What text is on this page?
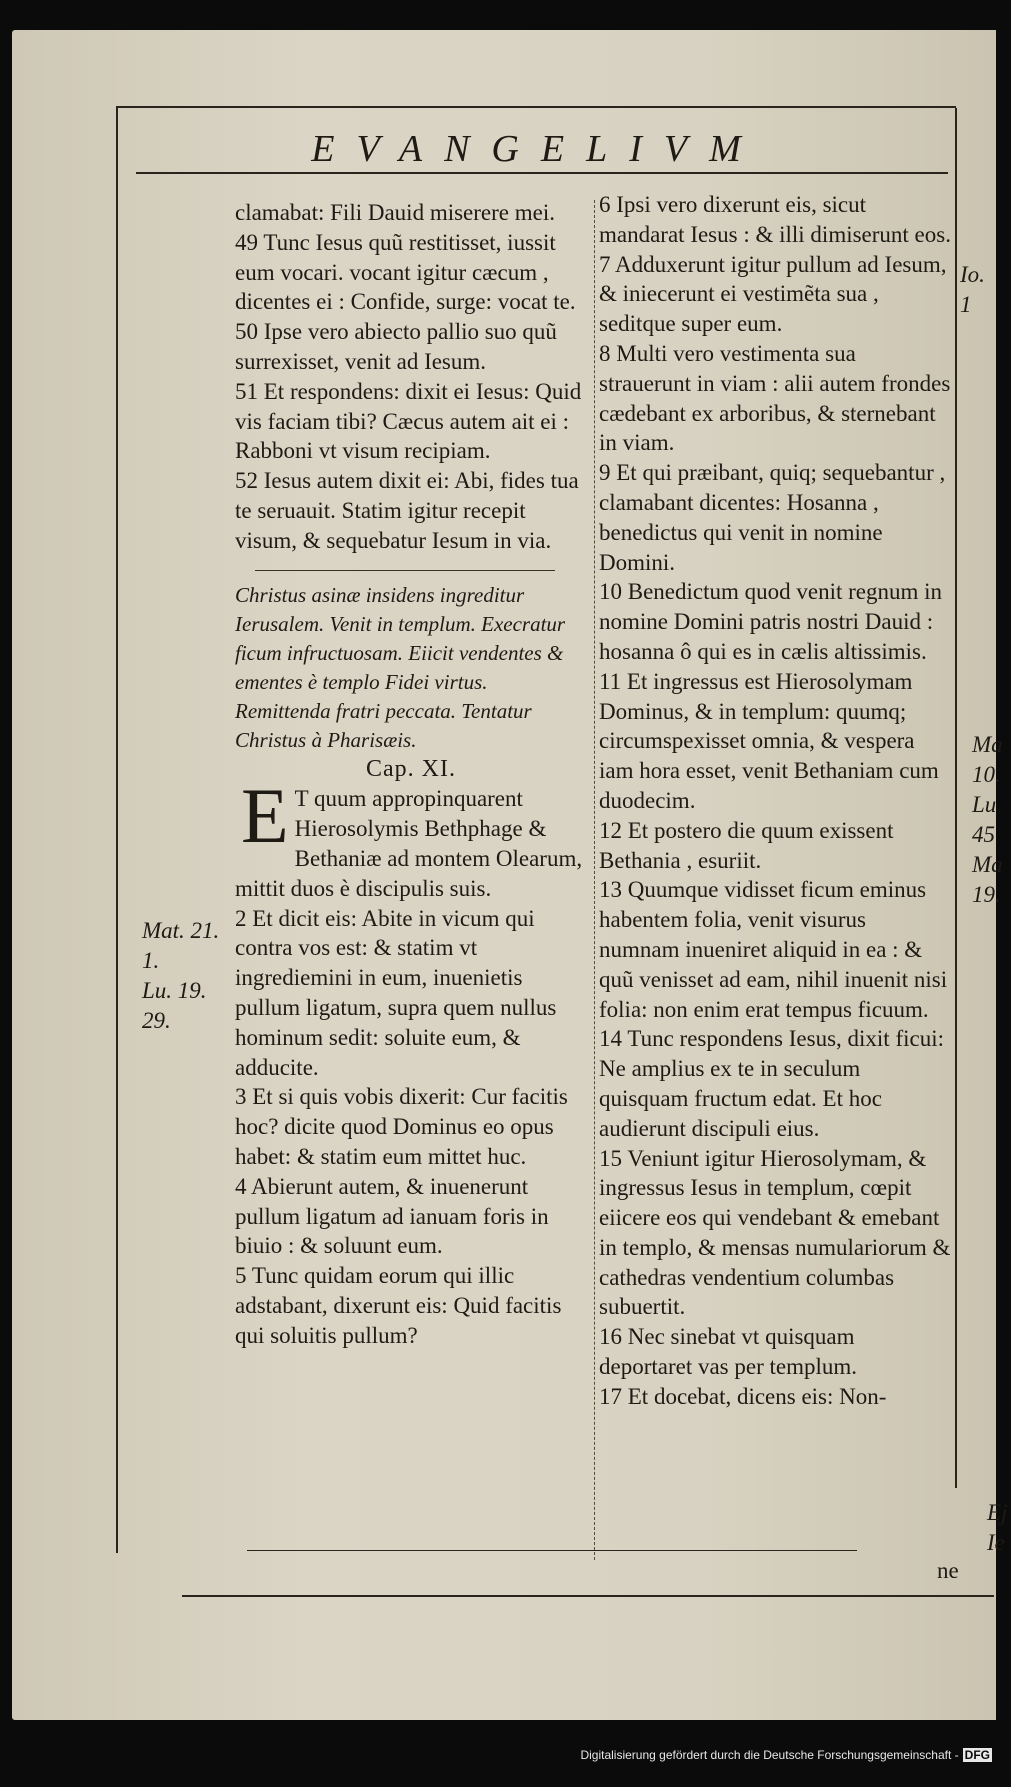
EVANGELIVM

clamabat: Fili Dauid miserere mei.

49 Tunc Iesus quũ restitisset, iussit eum vocari. vocant igitur cæcum , dicentes ei : Confide, surge: vocat te.

50 Ipse vero abiecto pallio suo quũ surrexisset, venit ad Iesum.

51 Et respondens: dixit ei Iesus: Quid vis faciam tibi? Cæcus autem ait ei : Rabboni vt visum recipiam.

52 Iesus autem dixit ei: Abi, fides tua te seruauit. Statim igitur recepit visum, & sequebatur Iesum in via.

Christus asinæ insidens ingreditur Ierusalem. Venit in templum. Execratur ficum infructuosam. Eiicit vendentes & ementes è templo Fidei virtus. Remittenda fratri peccata. Tentatur Christus à Pharisæis.

Cap. XI.

E T quum appropinquarent Hierosolymis Bethphage & Bethaniæ ad montem Olearum, mittit duos è discipulis suis.

2 Et dicit eis: Abite in vicum qui contra vos est: & statim vt ingrediemini in eum, inuenietis pullum ligatum, supra quem nullus hominum sedit: soluite eum, & adducite.

3 Et si quis vobis dixerit: Cur facitis hoc? dicite quod Dominus eo opus habet: & statim eum mittet huc.

4 Abierunt autem, & inuenerunt pullum ligatum ad ianuam foris in biuio : & soluunt eum.

5 Tunc quidam eorum qui illic adstabant, dixerunt eis: Quid facitis qui soluitis pullum?

6 Ipsi vero dixerunt eis, sicut mandarat Iesus : & illi dimiserunt eos.

7 Adduxerunt igitur pullum ad Iesum, & iniecerunt ei vestimẽta sua , seditque super eum.

8 Multi vero vestimenta sua strauerunt in viam : alii autem frondes cædebant ex arboribus, & sternebant in viam.

9 Et qui præibant, quiq; sequebantur , clamabant dicentes: Hosanna , benedictus qui venit in nomine Domini.

10 Benedictum quod venit regnum in nomine Domini patris nostri Dauid : hosanna ô qui es in cælis altissimis.

11 Et ingressus est Hierosolymam Dominus, & in templum: quumq; circumspexisset omnia, & vespera iam hora esset, venit Bethaniam cum duodecim.

12 Et postero die quum exissent Bethania , esuriit.

13 Quumque vidisset ficum eminus habentem folia, venit visurus numnam inueniret aliquid in ea : & quũ venisset ad eam, nihil inuenit nisi folia: non enim erat tempus ficuum.

14 Tunc respondens Iesus, dixit ficui: Ne amplius ex te in seculum quisquam fructum edat. Et hoc audierunt discipuli eius.

15 Veniunt igitur Hierosolymam, & ingressus Iesus in templum, cœpit eiicere eos qui vendebant & emebant in templo, & mensas numulariorum & cathedras vendentium columbas subuertit.

16 Nec sinebat vt quisquam deportaret vas per templum.

17 Et docebat, dicens eis: Non-

ne
Mat. 21.
1.
Lu. 19.
29.
Io. 1
Ma
10.
Lu
45
Ma
19.
Ej
Ie
Digitalisierung gefördert durch die Deutsche Forschungsgemeinschaft - DFG
